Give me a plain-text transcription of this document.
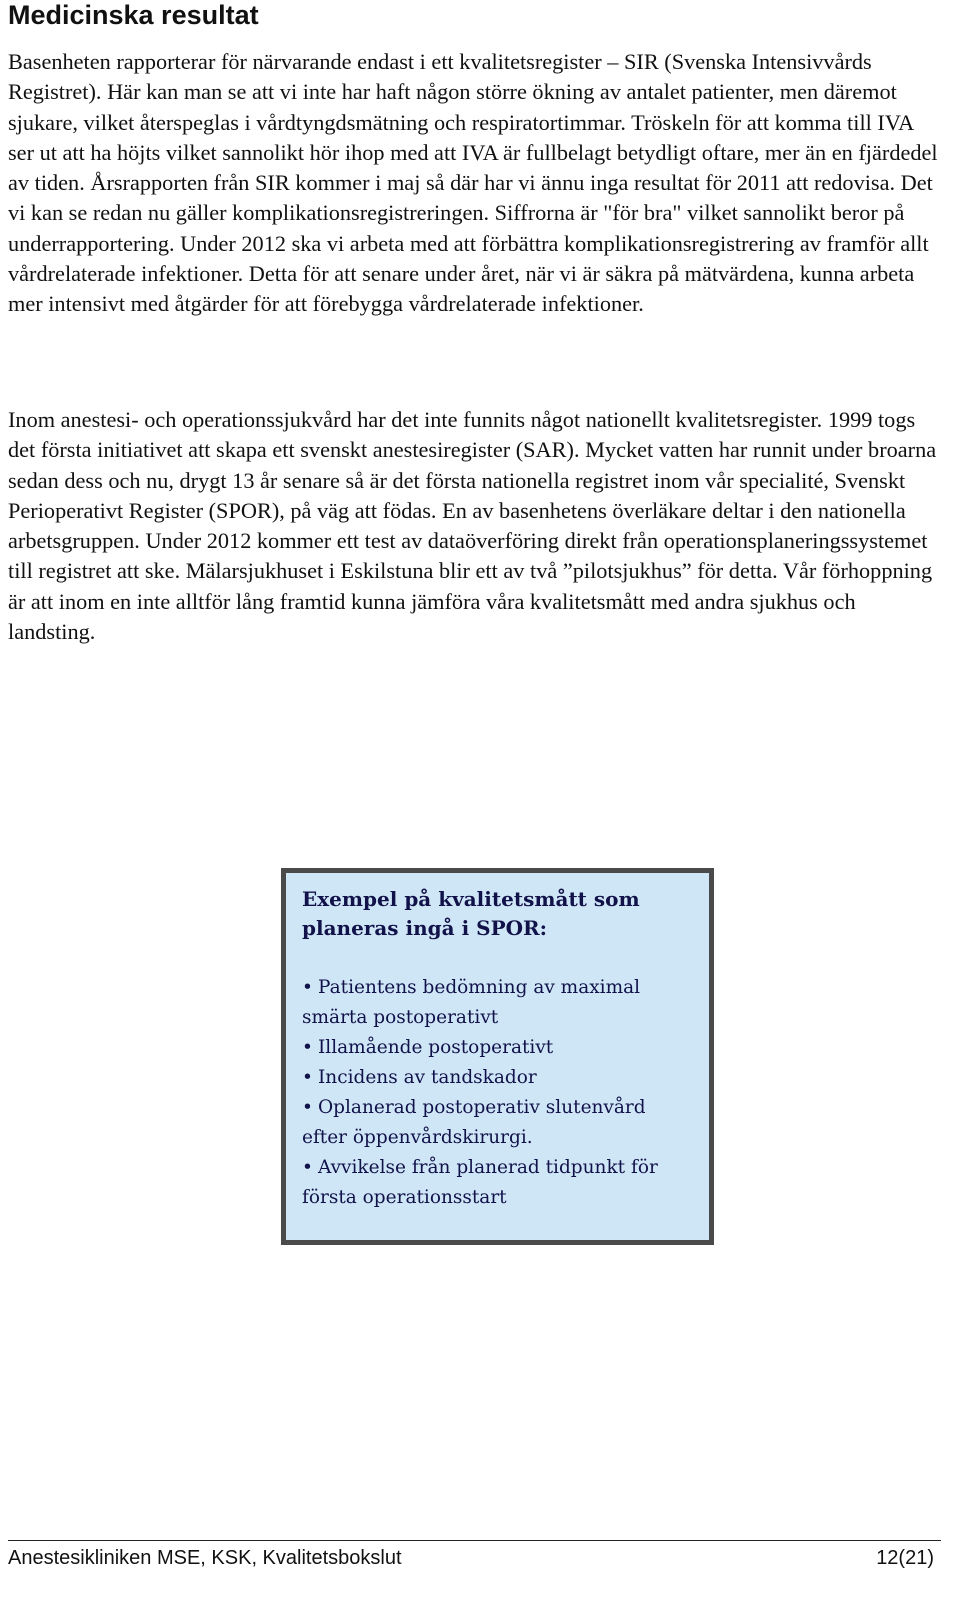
Medicinska resultat

Basenheten rapporterar för närvarande endast i ett kvalitetsregister – SIR (Svenska Intensivvårds Registret). Här kan man se att vi inte har haft någon större ökning av antalet patienter, men däremot sjukare, vilket återspeglas i vårdtyngdsmätning och respiratortimmar. Tröskeln för att komma till IVA ser ut att ha höjts vilket sannolikt hör ihop med att IVA är fullbelagt betydligt oftare, mer än en fjärdedel av tiden. Årsrapporten från SIR kommer i maj så där har vi ännu inga resultat för 2011 att redovisa. Det vi kan se redan nu gäller komplikationsregistreringen. Siffrorna är "för bra" vilket sannolikt beror på underrapportering. Under 2012 ska vi arbeta med att förbättra komplikationsregistrering av framför allt vårdrelaterade infektioner. Detta för att senare under året, när vi är säkra på mätvärdena, kunna arbeta mer intensivt med åtgärder för att förebygga vårdrelaterade infektioner.

Inom anestesi- och operationssjukvård har det inte funnits något nationellt kvalitetsregister. 1999 togs det första initiativet att skapa ett svenskt anestesiregister (SAR). Mycket vatten har runnit under broarna sedan dess och nu, drygt 13 år senare så är det första nationella registret inom vår specialité, Svenskt Perioperativt Register (SPOR), på väg att födas. En av basenhetens överläkare deltar i den nationella arbetsgruppen. Under 2012 kommer ett test av dataöverföring direkt från operationsplaneringssystemet till registret att ske. Mälarsjukhuset i Eskilstuna blir ett av två ”pilotsjukhus” för detta. Vår förhoppning är att inom en inte alltför lång framtid kunna jämföra våra kvalitetsmått med andra sjukhus och landsting.

Exempel på kvalitetsmått som
planeras ingå i SPOR:
• Patientens bedömning av maximal
smärta postoperativt
• Illamående postoperativt
• Incidens av tandskador
• Oplanerad postoperativ slutenvård
efter öppenvårdskirurgi.
• Avvikelse från planerad tidpunkt för
första operationsstart
Anestesikliniken MSE, KSK, Kvalitetsbokslut	12(21)
